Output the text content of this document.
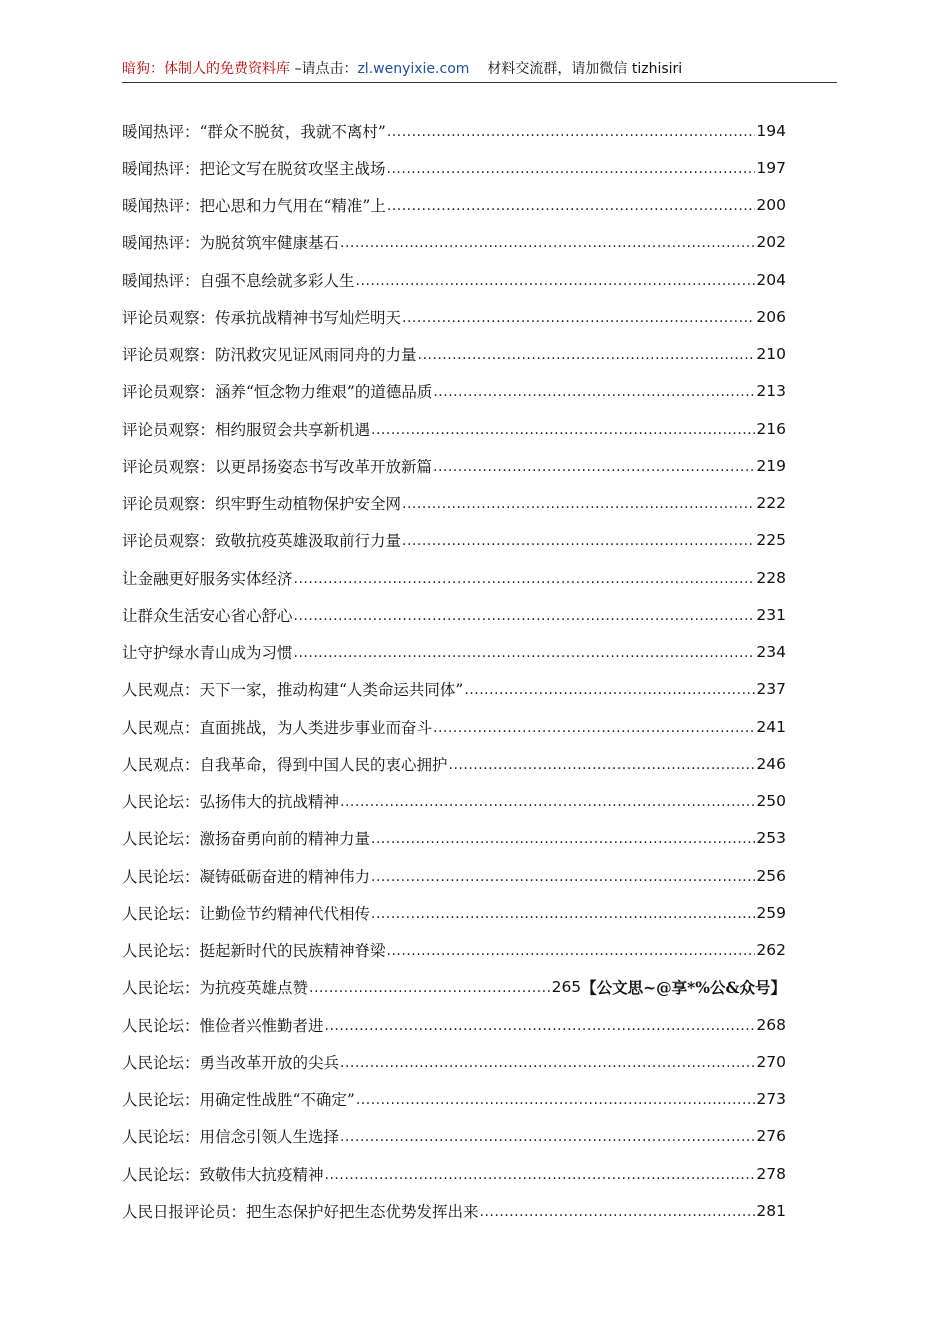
暗狗：体制人的免费资料库 –请点击：zl.wenyixie.com 材料交流群，请加微信 tizhisiri
暖闻热评：“群众不脱贫，我就不离村” .....	194
暖闻热评：把论文写在脱贫攻坚主战场 .....	197
暖闻热评：把心思和力气用在“精准”上 .....	200
暖闻热评：为脱贫筑牢健康基石 .....	202
暖闻热评：自强不息绘就多彩人生 .....	204
评论员观察：传承抗战精神书写灿烂明天 .....	206
评论员观察：防汛救灾见证风雨同舟的力量 .....	210
评论员观察：涵养“恒念物力维艰”的道德品质 .....	213
评论员观察：相约服贸会共享新机遇 .....	216
评论员观察：以更昂扬姿态书写改革开放新篇 .....	219
评论员观察：织牢野生动植物保护安全网 .....	222
评论员观察：致敬抗疫英雄汲取前行力量 .....	225
让金融更好服务实体经济 .....	228
让群众生活安心省心舒心 .....	231
让守护绿水青山成为习惯 .....	234
人民观点：天下一家，推动构建“人类命运共同体” .....	237
人民观点：直面挑战，为人类进步事业而奋斗 .....	241
人民观点：自我革命，得到中国人民的衷心拥护 .....	246
人民论坛：弘扬伟大的抗战精神 .....	250
人民论坛：激扬奋勇向前的精神力量 .....	253
人民论坛：凝铸砥砺奋进的精神伟力 .....	256
人民论坛：让勤俭节约精神代代相传 .....	259
人民论坛：挺起新时代的民族精神脊梁 .....	262
人民论坛：为抗疫英雄点赞 .....	265 【公文思~@享*%公&众号】
人民论坛：惟俭者兴惟勤者进 .....	268
人民论坛：勇当改革开放的尖兵 .....	270
人民论坛：用确定性战胜“不确定” .....	273
人民论坛：用信念引领人生选择 .....	276
人民论坛：致敬伟大抗疫精神 .....	278
人民日报评论员：把生态保护好把生态优势发挥出来 .....	281
